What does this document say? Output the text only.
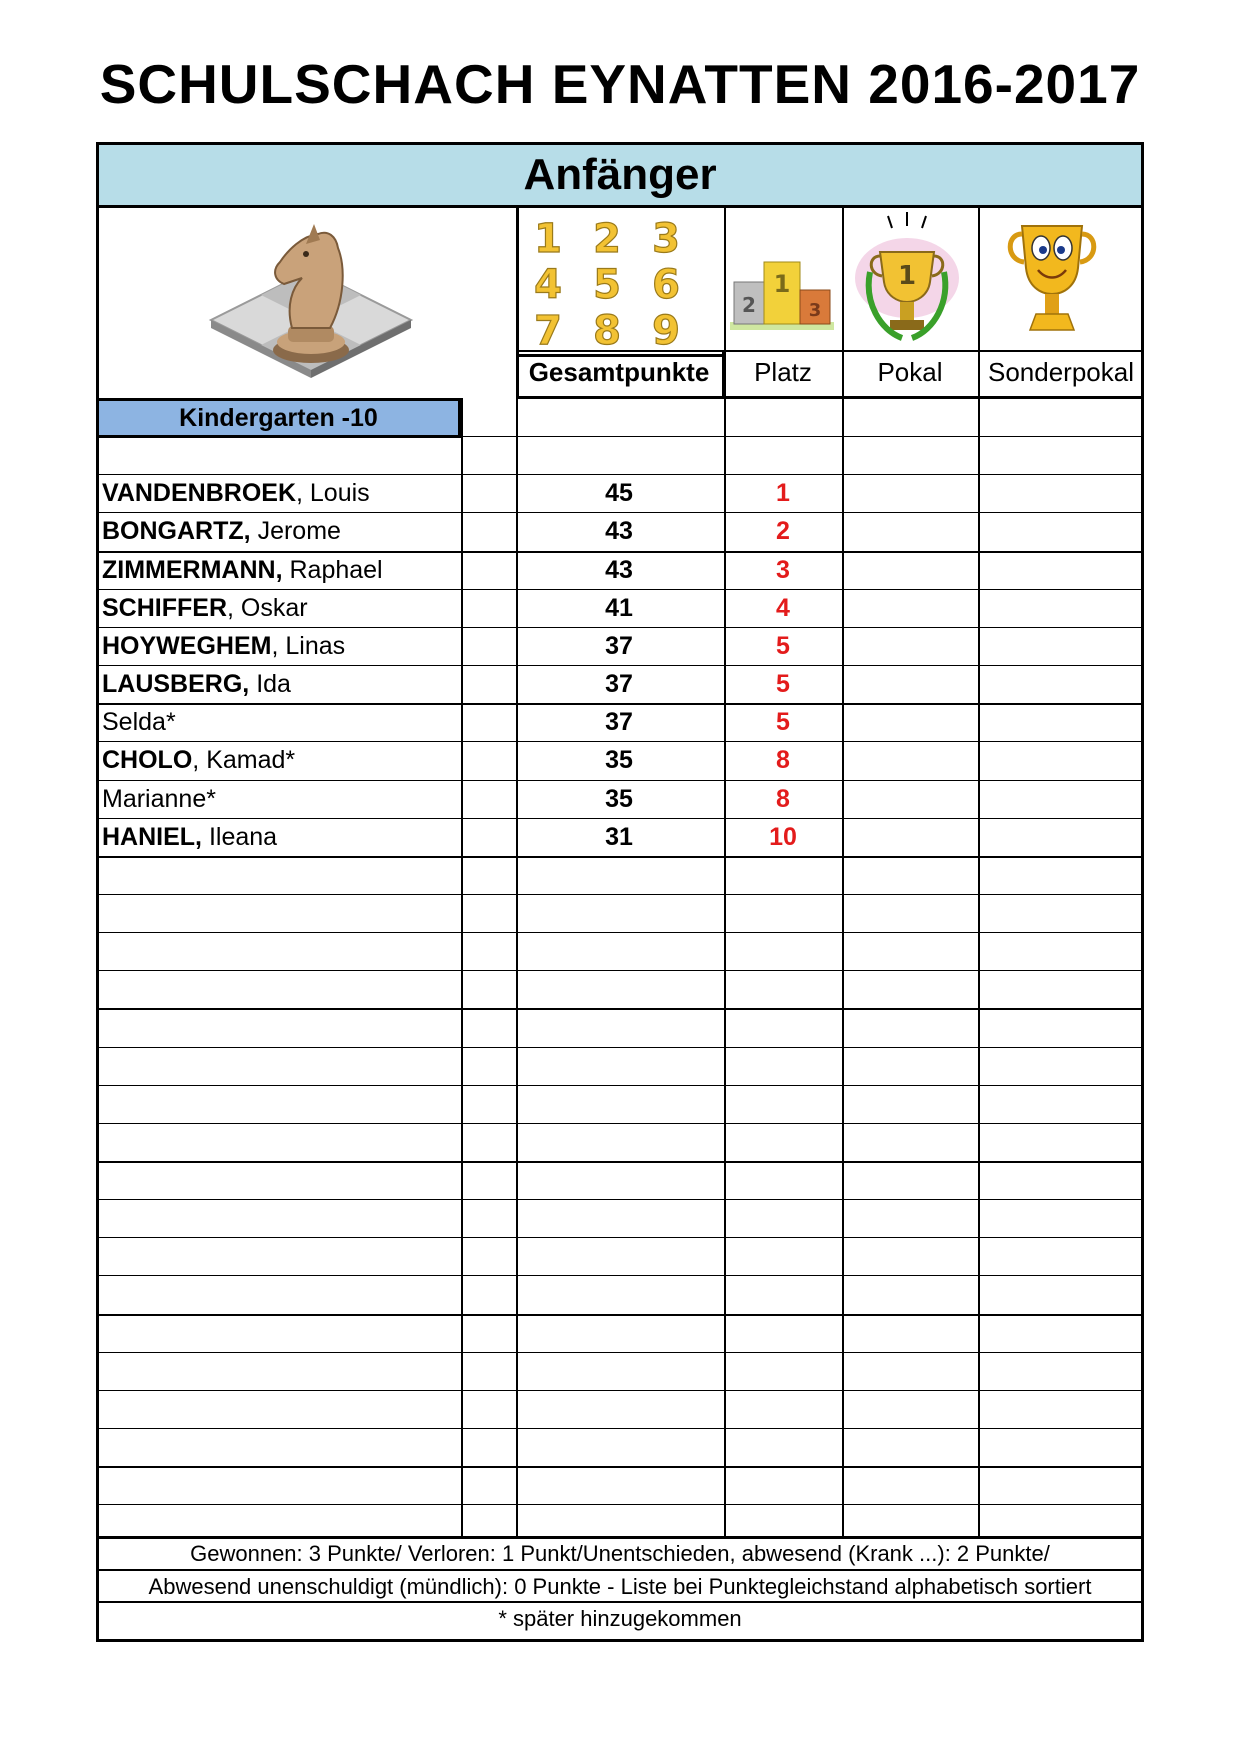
SCHULSCHACH EYNATTEN 2016-2017
Anfänger
1 2 3
4 5 6
7 8 9
2
1
3
1
Gesamtpunkte	Platz	Pokal	Sonderpokal
Kindergarten -10
VANDENBROEK, Louis	45	1
BONGARTZ, Jerome	43	2
ZIMMERMANN, Raphael	43	3
SCHIFFER, Oskar	41	4
HOYWEGHEM, Linas	37	5
LAUSBERG, Ida	37	5
Selda*	37	5
CHOLO, Kamad*	35	8
Marianne*	35	8
HANIEL, Ileana	31	10
Gewonnen: 3 Punkte/ Verloren: 1 Punkt/Unentschieden, abwesend (Krank ...): 2 Punkte/
Abwesend unenschuldigt (mündlich): 0 Punkte - Liste bei Punktegleichstand alphabetisch sortiert
* später hinzugekommen
